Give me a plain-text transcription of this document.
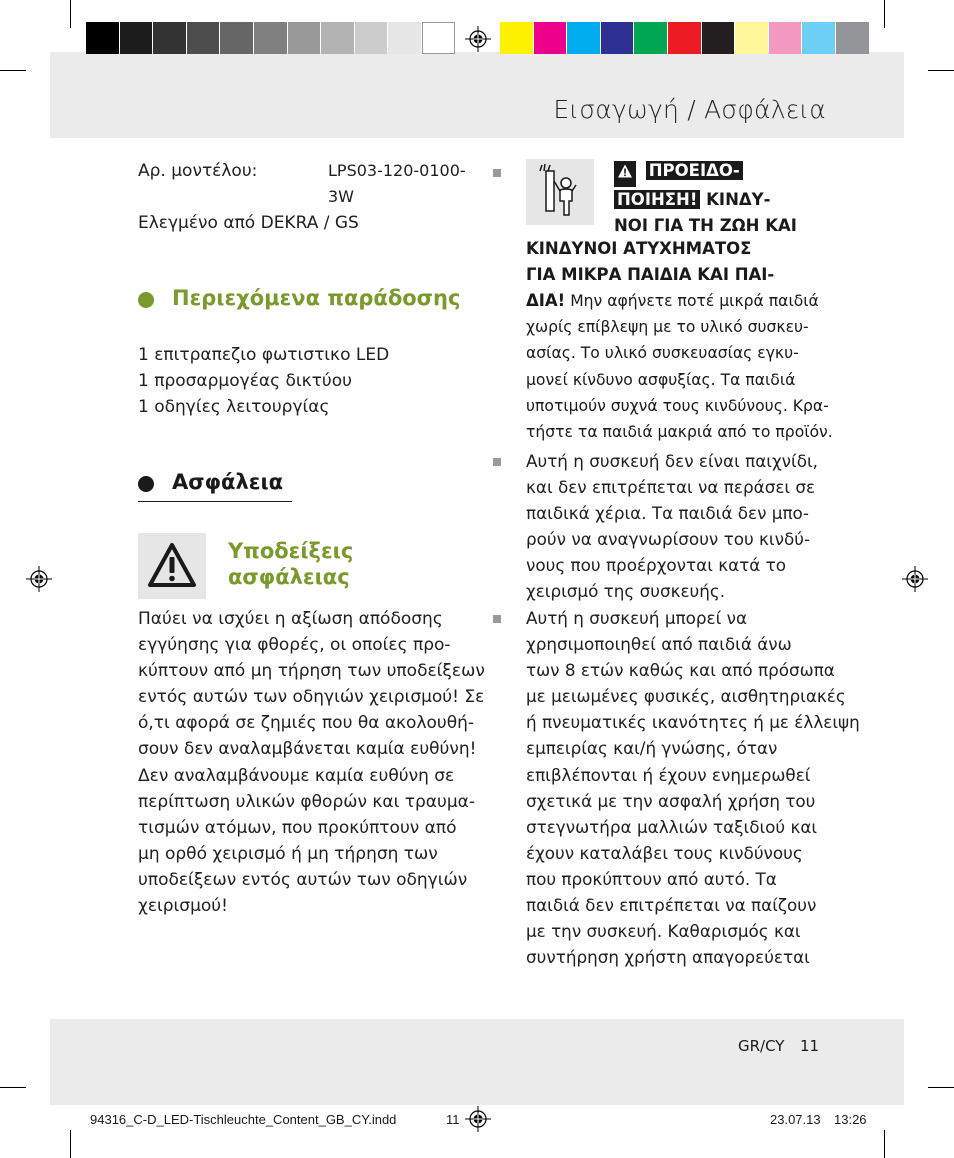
Εισαγωγή / Ασφάλεια
Αρ. μοντέλου:	LPS03-120-0100-
3W
Ελεγμένο από DEKRA / GS
Περιεχόμενα παράδοσης
1 επιτραπεζιο φωτιστικο LED
1 προσαρμογέας δικτύου
1 οδηγίες λειτουργίας
Ασφάλεια
Υποδείξεις
ασφάλειας
Παύει να ισχύει η αξίωση απόδοσης
εγγύησης για φθορές, οι οποίες προ-
κύπτουν από μη τήρηση των υποδείξεων
εντός αυτών των οδηγιών χειρισμού! Σε
ό,τι αφορά σε ζημιές που θα ακολουθή-
σουν δεν αναλαμβάνεται καμία ευθύνη!
Δεν αναλαμβάνουμε καμία ευθύνη σε
περίπτωση υλικών φθορών και τραυμα-
τισμών ατόμων, που προκύπτουν από
μη ορθό χειρισμό ή μη τήρηση των
υποδείξεων εντός αυτών των οδηγιών
χειρισμού!
ΠΡΟΕΙΔΟ-
ΠΟΙΗΣΗ! ΚΙΝΔΥ-
ΝΟΙ ΓΙΑ ΤΗ ΖΩΗ ΚΑΙ
ΚΙΝΔΥΝΟΙ ΑΤΥΧΗΜΑΤΟΣ
ΓΙΑ ΜΙΚΡΑ ΠΑΙΔΙΑ ΚΑΙ ΠΑΙ-
ΔΙΑ! Μην αφήνετε ποτέ μικρά παιδιά
χωρίς επίβλεψη με το υλικό συσκευ-
ασίας. Το υλικό συσκευασίας εγκυ-
μονεί κίνδυνο ασφυξίας. Τα παιδιά
υποτιμούν συχνά τους κινδύνους. Κρα-
τήστε τα παιδιά μακριά από το προϊόν.
Αυτή η συσκευή δεν είναι παιχνίδι,
και δεν επιτρέπεται να περάσει σε
παιδικά χέρια. Τα παιδιά δεν μπο-
ρούν να αναγνωρίσουν του κινδύ-
νους που προέρχονται κατά το
χειρισμό της συσκευής.
Αυτή η συσκευή μπορεί να
χρησιμοποιηθεί από παιδιά άνω
των 8 ετών καθώς και από πρόσωπα
με μειωμένες φυσικές, αισθητηριακές
ή πνευματικές ικανότητες ή με έλλειψη
εμπειρίας και/ή γνώσης, όταν
επιβλέπονται ή έχουν ενημερωθεί
σχετικά με την ασφαλή χρήση του
στεγνωτήρα μαλλιών ταξιδιού και
έχουν καταλάβει τους κινδύνους
που προκύπτουν από αυτό. Τα
παιδιά δεν επιτρέπεται να παίζουν
με την συσκευή. Καθαρισμός και
συντήρηση χρήστη απαγορεύεται
GR/CY 11
94316_C-D_LED-Tischleuchte_Content_GB_CY.indd	11	23.07.13 13:26
